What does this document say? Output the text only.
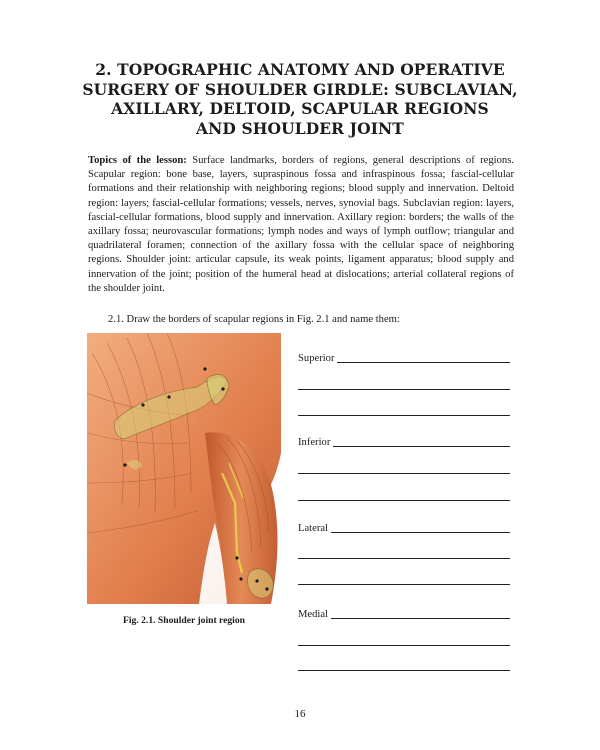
2. TOPOGRAPHIC ANATOMY AND OPERATIVE
SURGERY OF SHOULDER GIRDLE: SUBCLAVIAN,
AXILLARY, DELTOID, SCAPULAR REGIONS
AND SHOULDER JOINT
Topics of the lesson: Surface landmarks, borders of regions, general descriptions of regions. Scapular region: bone base, layers, supraspinous fossa and infraspinous fossa; fascial-cellular formations and their relationship with neighboring regions; blood supply and innervation. Deltoid region: layers; fascial-cellular formations; vessels, nerves, synovial bags. Subclavian region: layers, fascial-cellular formations, blood supply and innervation. Axillary region: borders; the walls of the axillary fossa; neurovascular formations; lymph nodes and ways of lymph outflow; triangular and quadrilateral foramen; connection of the axillary fossa with the cellular space of neighboring regions. Shoulder joint: articular capsule, its weak points, ligament apparatus; blood supply and innervation of the joint; position of the humeral head at dislocations; arterial collateral regions of the shoulder joint.
2.1. Draw the borders of scapular regions in Fig. 2.1 and name them:
Fig. 2.1. Shoulder joint region
Superior
Inferior
Lateral
Medial
16
